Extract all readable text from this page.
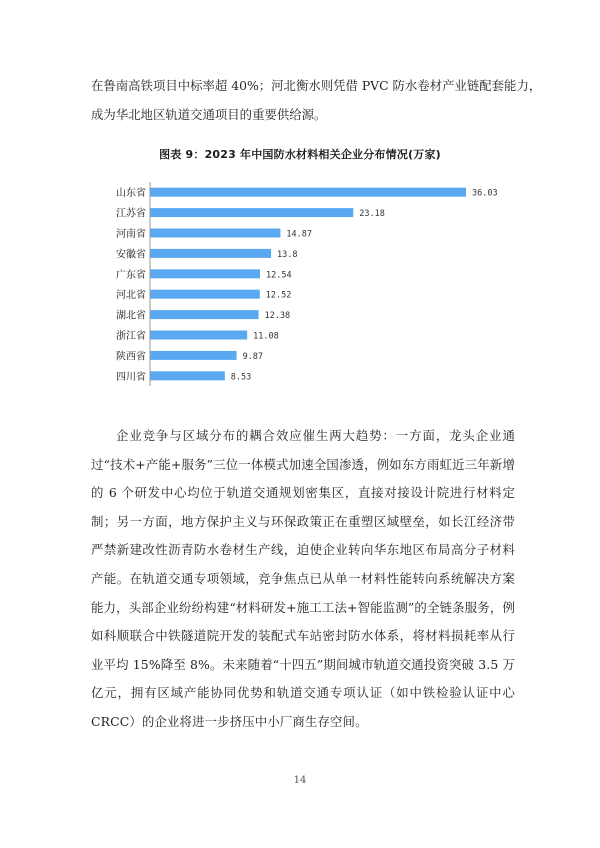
在鲁南高铁项目中标率超 40%；河北衡水则凭借 PVC 防水卷材产业链配套能力，
成为华北地区轨道交通项目的重要供给源。

图表 9：2023 年中国防水材料相关企业分布情况(万家)
山东省	36.03
江苏省	23.18
河南省	14.87
安徽省	13.8
广东省	12.54
河北省	12.52
湖北省	12.38
浙江省	11.08
陕西省	9.87
四川省	8.53

企业竞争与区域分布的耦合效应催生两大趋势：一方面，龙头企业通过“技术+产能+服务”三位一体模式加速全国渗透，例如东方雨虹近三年新增的 6 个研发中心均位于轨道交通规划密集区，直接对接设计院进行材料定制；另一方面，地方保护主义与环保政策正在重塑区域壁垒，如长江经济带严禁新建改性沥青防水卷材生产线，迫使企业转向华东地区布局高分子材料产能。在轨道交通专项领域，竞争焦点已从单一材料性能转向系统解决方案能力，头部企业纷纷构建“材料研发+施工工法+智能监测”的全链条服务，例如科顺联合中铁隧道院开发的装配式车站密封防水体系，将材料损耗率从行业平均 15%降至 8%。未来随着“十四五”期间城市轨道交通投资突破 3.5 万亿元，拥有区域产能协同优势和轨道交通专项认证（如中铁检验认证中心 CRCC）的企业将进一步挤压中小厂商生存空间。

14
